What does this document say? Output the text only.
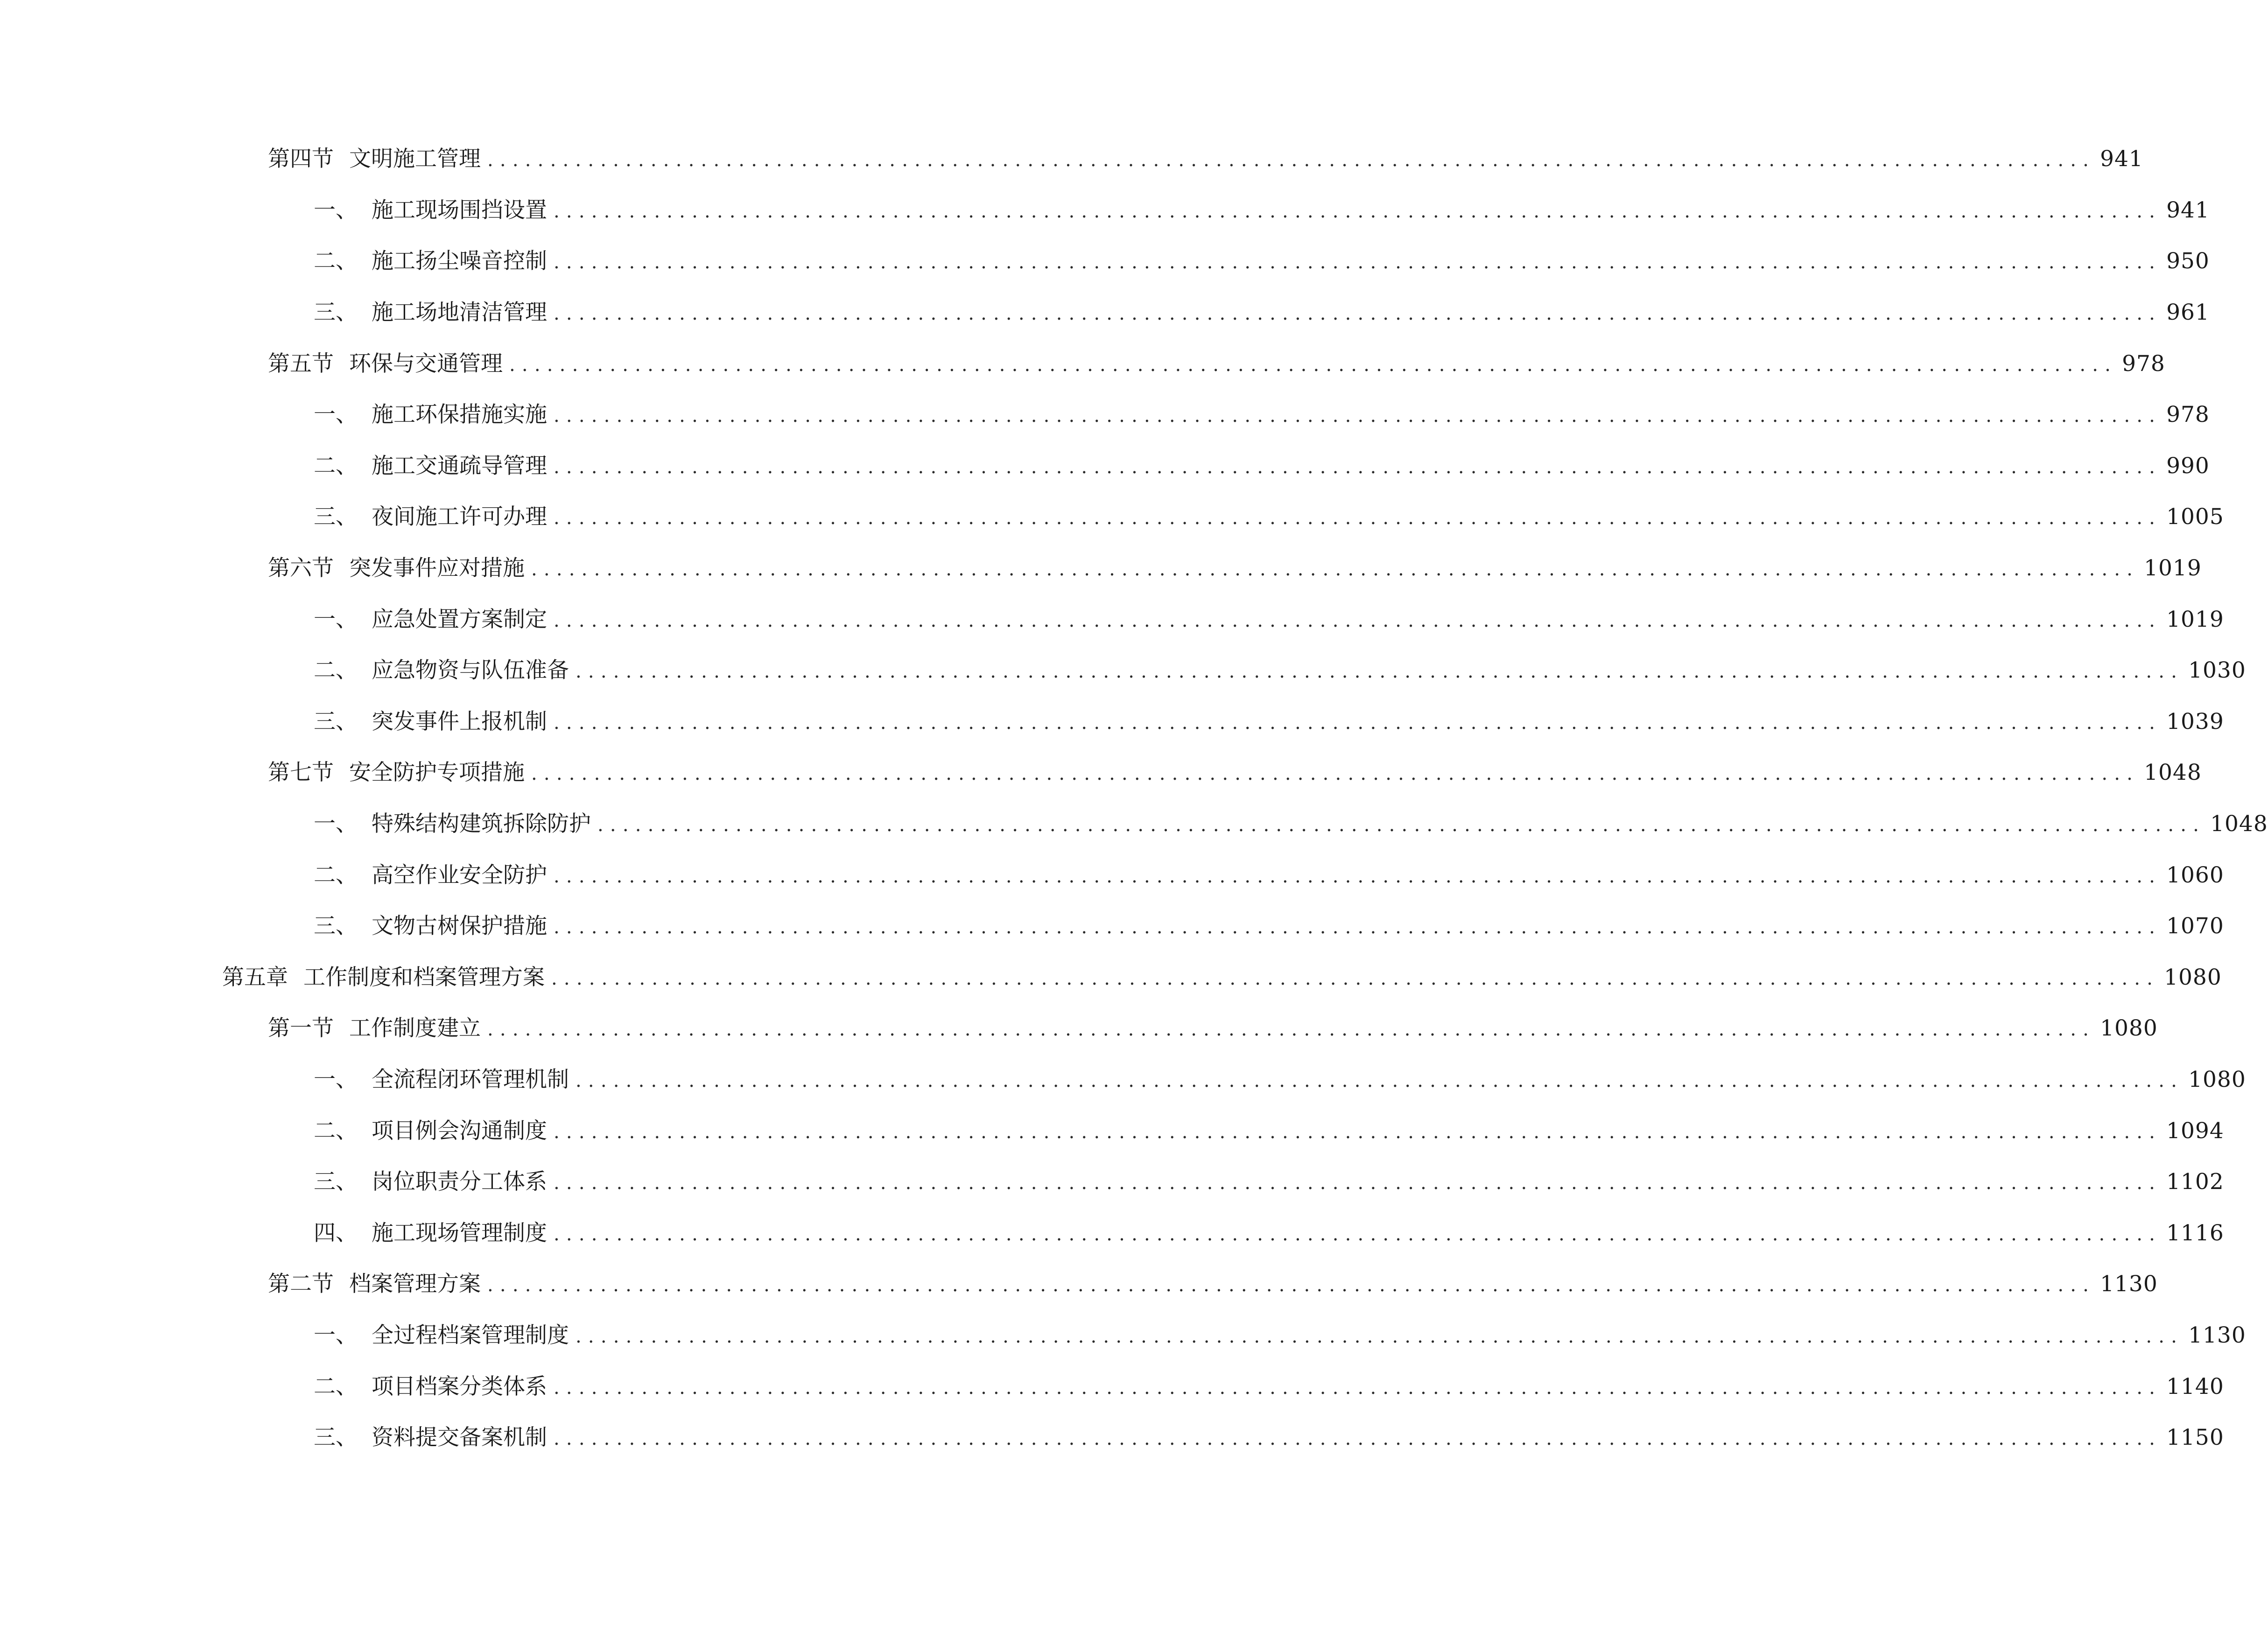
第四节 文明施工管理 ................................................................................................................................ 941
一、 施工现场围挡设置 ................................................................................................................................ 941
二、 施工扬尘噪音控制 ................................................................................................................................ 950
三、 施工场地清洁管理 ................................................................................................................................ 961
第五节 环保与交通管理 ................................................................................................................................ 978
一、 施工环保措施实施 ................................................................................................................................ 978
二、 施工交通疏导管理 ................................................................................................................................ 990
三、 夜间施工许可办理 ................................................................................................................................ 1005
第六节 突发事件应对措施 ................................................................................................................................ 1019
一、 应急处置方案制定 ................................................................................................................................ 1019
二、 应急物资与队伍准备 ................................................................................................................................ 1030
三、 突发事件上报机制 ................................................................................................................................ 1039
第七节 安全防护专项措施 ................................................................................................................................ 1048
一、 特殊结构建筑拆除防护 ................................................................................................................................ 1048
二、 高空作业安全防护 ................................................................................................................................ 1060
三、 文物古树保护措施 ................................................................................................................................ 1070
第五章 工作制度和档案管理方案 ................................................................................................................................ 1080
第一节 工作制度建立 ................................................................................................................................ 1080
一、 全流程闭环管理机制 ................................................................................................................................ 1080
二、 项目例会沟通制度 ................................................................................................................................ 1094
三、 岗位职责分工体系 ................................................................................................................................ 1102
四、 施工现场管理制度 ................................................................................................................................ 1116
第二节 档案管理方案 ................................................................................................................................ 1130
一、 全过程档案管理制度 ................................................................................................................................ 1130
二、 项目档案分类体系 ................................................................................................................................ 1140
三、 资料提交备案机制 ................................................................................................................................ 1150
